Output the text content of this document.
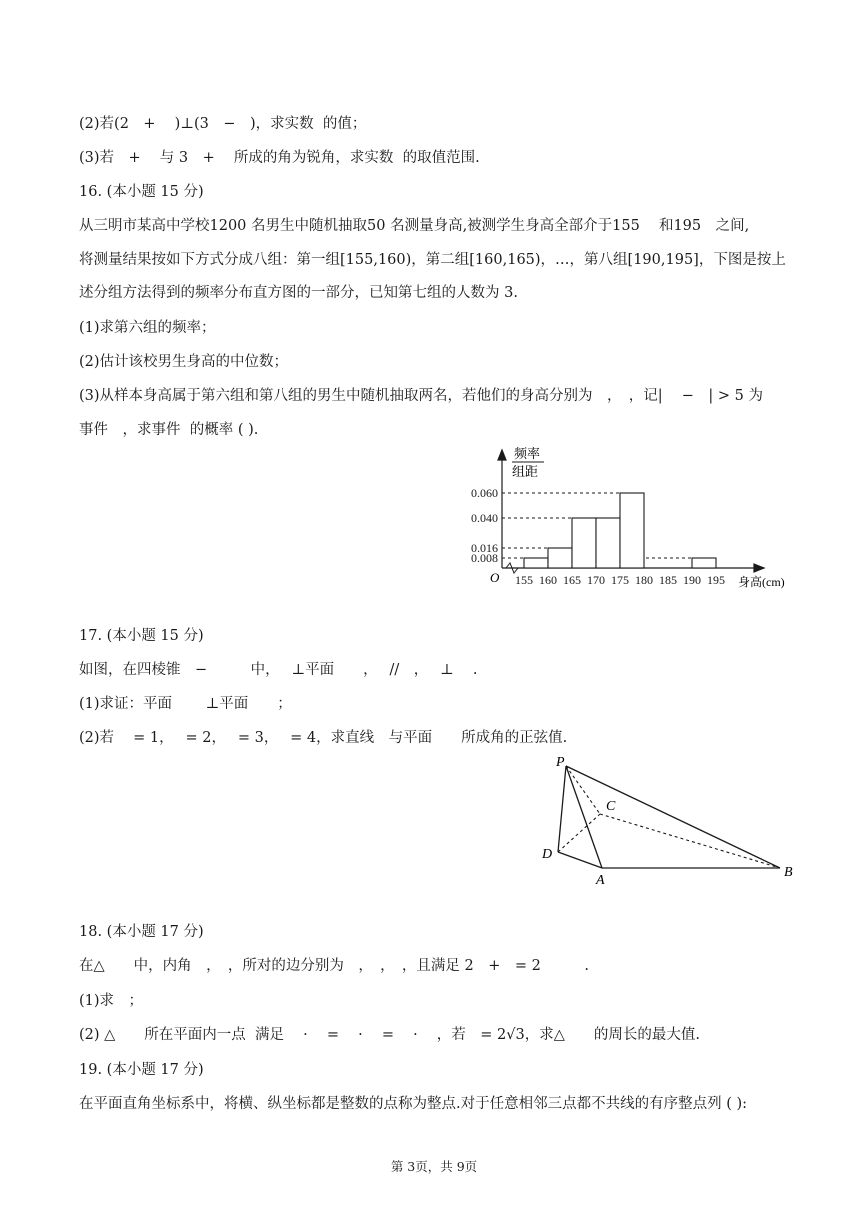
(2)若(2　+　 )⊥(3　−　)，求实数  的值；
(3)若　+　 与 3　+　 所成的角为锐角，求实数  的取值范围.
16. (本小题 15 分)
从三明市某高中学校1200 名男生中随机抽取50 名测量身高,被测学生身高全部介于155　 和195　之间,
将测量结果按如下方式分成八组：第一组[155,160)，第二组[160,165)，…，第八组[190,195]，下图是按上
述分组方法得到的频率分布直方图的一部分，已知第七组的人数为 3.
(1)求第六组的频率；
(2)估计该校男生身高的中位数；
(3)从样本身高属于第六组和第八组的男生中随机抽取两名，若他们的身高分别为　，　，记|　 −　| > 5 为
事件　，求事件  的概率 ( ).
频率
组距
O	身高(cm)
0.060
0.040
0.016
0.008
155 160 165 170 175 180 185 190 195
17. (本小题 15 分)
如图，在四棱锥　−　　　中，　 ⊥平面　　，　 //　，　 ⊥　 .
(1)求证：平面　　 ⊥平面　　；
(2)若　 = 1，　 = 2，　 = 3，　 = 4，求直线　与平面　　所成角的正弦值.
P
C
D
A
B
18. (本小题 17 分)
在△　　中，内角　，　，所对的边分别为　，　，　，且满足 2　+　= 2　　　.
(1)求　；
(2) △　　所在平面内一点  满足　 ·　 =　 ·　 =　 ·　 ，若　= 2√3，求△　　的周长的最大值.
19. (本小题 17 分)
在平面直角坐标系中，将横、纵坐标都是整数的点称为整点.对于任意相邻三点都不共线的有序整点列 ( ):
第 3页，共 9页
